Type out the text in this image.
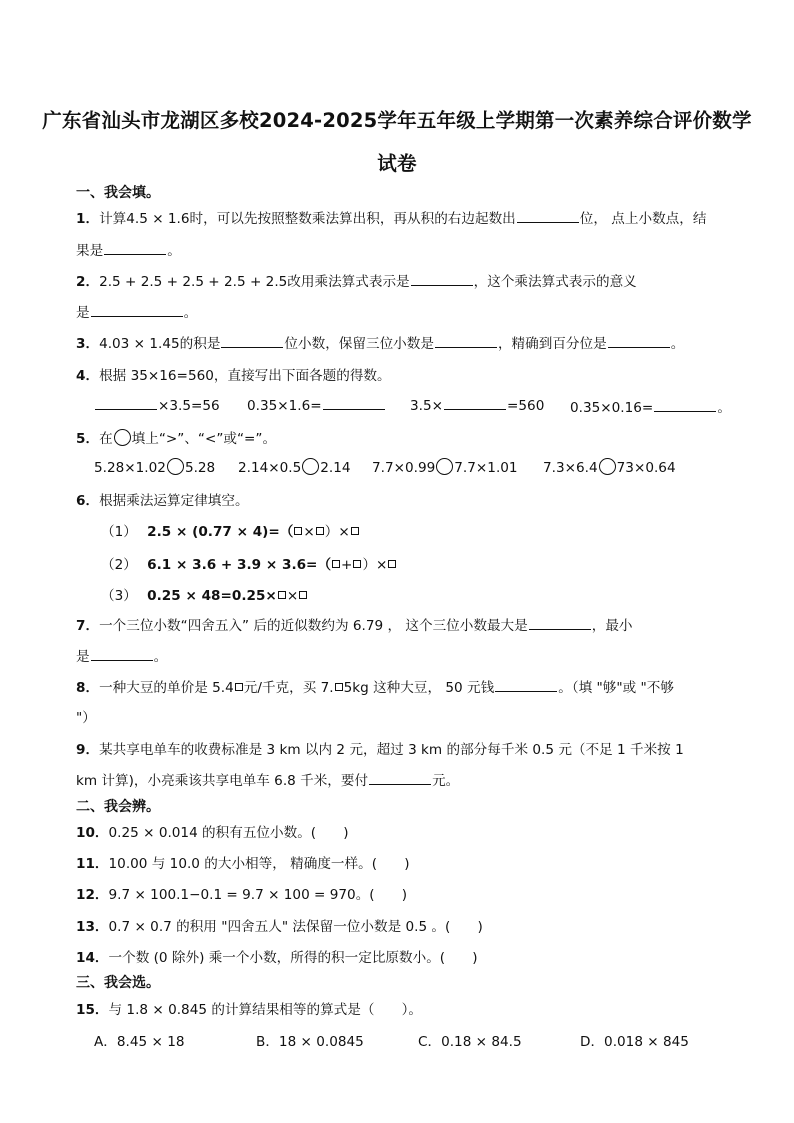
广东省汕头市龙湖区多校2024-2025学年五年级上学期第一次素养综合评价数学
试卷
一、我会填。
1．计算4.5 × 1.6时，可以先按照整数乘法算出积，再从积的右边起数出	位， 点上小数点，结
果是	。
2．2.5 + 2.5 + 2.5 + 2.5 + 2.5改用乘法算式表示是	，这个乘法算式表示的意义
是	。
3．4.03 × 1.45的积是	位小数，保留三位小数是	，精确到百分位是	。
4．根据 35×16=560，直接写出下面各题的得数。
×3.5=56 0.35×1.6=	3.5×	=560 0.35×0.16=	。
5．在 填上“>”、“<”或“=”。
5.28×1.02 5.28 2.14×0.5 2.14 7.7×0.99 7.7×1.01 7.3×6.4 73×0.64
6．根据乘法运算定律填空。
（1） 2.5 × (0.77 × 4)=（ × ）×
（2） 6.1 × 3.6 + 3.9 × 3.6=（ + ）×
（3） 0.25 × 48=0.25× ×
7．一个三位小数“四舍五入” 后的近似数约为 6.79 ， 这个三位小数最大是	，最小
是	。
8．一种大豆的单价是 5.4 元/千克，买 7. 5kg 这种大豆， 50 元钱	。（填 "够"或 "不够
"）
9．某共享电单车的收费标准是 3 km 以内 2 元，超过 3 km 的部分每千米 0.5 元（不足 1 千米按 1
km 计算)，小亮乘该共享电单车 6.8 千米，要付	元。
二、我会辨。
10．0.25 × 0.014 的积有五位小数。(　　)
11．10.00 与 10.0 的大小相等， 精确度一样。(　　)
12．9.7 × 100.1−0.1 = 9.7 × 100 = 970。(　　)
13．0.7 × 0.7 的积用 "四舍五人" 法保留一位小数是 0.5 。(　　)
14．一个数 (0 除外) 乘一个小数，所得的积一定比原数小。(　　)
三、我会选。
15．与 1.8 × 0.845 的计算结果相等的算式是（　　）。
A．8.45 × 18	B．18 × 0.0845	C．0.18 × 84.5	D．0.018 × 845
